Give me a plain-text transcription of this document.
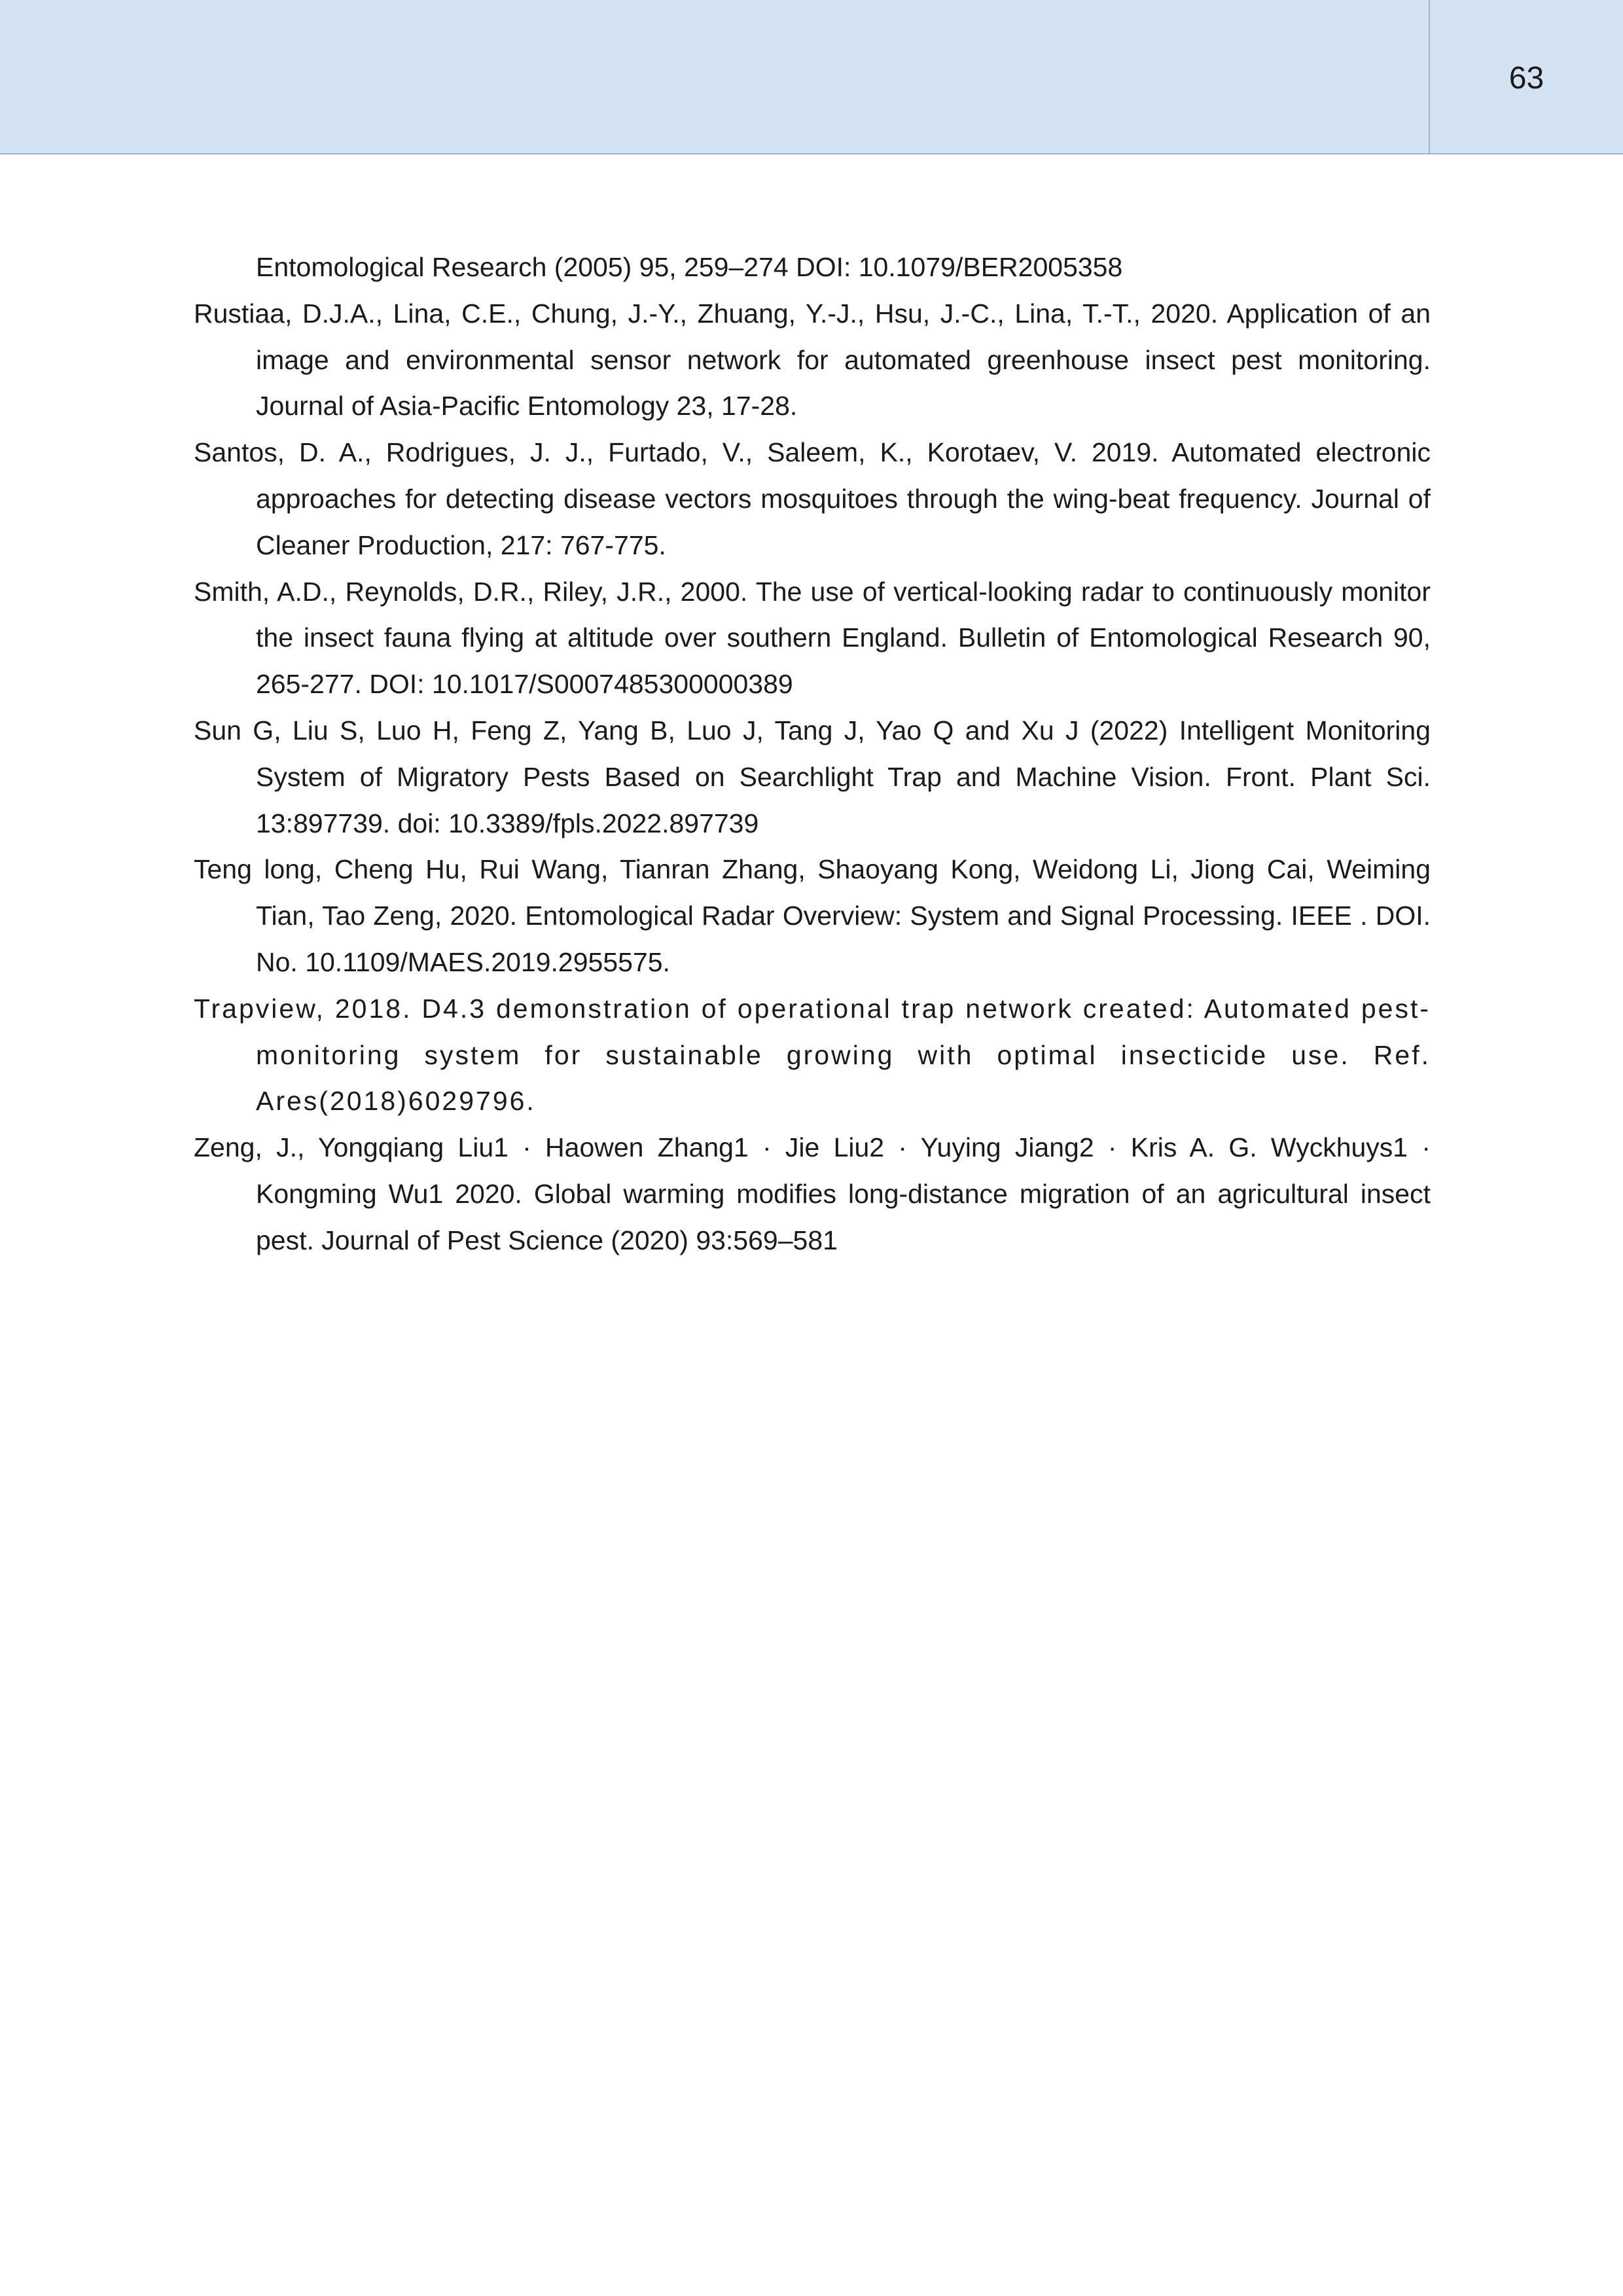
63

Entomological Research (2005) 95, 259–274 DOI: 10.1079/BER2005358

Rustiaa, D.J.A., Lina, C.E., Chung, J.-Y., Zhuang, Y.-J., Hsu, J.-C., Lina, T.-T., 2020. Application of an image and environmental sensor network for automated greenhouse insect pest monitoring. Journal of Asia-Pacific Entomology 23, 17-28.

Santos, D. A., Rodrigues, J. J., Furtado, V., Saleem, K., Korotaev, V. 2019. Automated electronic approaches for detecting disease vectors mosquitoes through the wing-beat frequency. Journal of Cleaner Production, 217: 767-775.

Smith, A.D., Reynolds, D.R., Riley, J.R., 2000. The use of vertical-looking radar to continuously monitor the insect fauna flying at altitude over southern England. Bulletin of Entomological Research 90, 265-277. DOI: 10.1017/S0007485300000389

Sun G, Liu S, Luo H, Feng Z, Yang B, Luo J, Tang J, Yao Q and Xu J (2022) Intelligent Monitoring System of Migratory Pests Based on Searchlight Trap and Machine Vision. Front. Plant Sci. 13:897739. doi: 10.3389/fpls.2022.897739

Teng long, Cheng Hu, Rui Wang, Tianran Zhang, Shaoyang Kong, Weidong Li, Jiong Cai, Weiming Tian, Tao Zeng, 2020. Entomological Radar Overview: System and Signal Processing. IEEE . DOI. No. 10.1109/MAES.2019.2955575.

Trapview, 2018. D4.3 demonstration of operational trap network created: Automated pest-monitoring system for sustainable growing with optimal insecticide use. Ref. Ares(2018)6029796.

Zeng, J., Yongqiang Liu1 · Haowen Zhang1 · Jie Liu2 · Yuying Jiang2 · Kris A. G. Wyckhuys1 · Kongming Wu1 2020. Global warming modifies long-distance migration of an agricultural insect pest. Journal of Pest Science (2020) 93:569–581
